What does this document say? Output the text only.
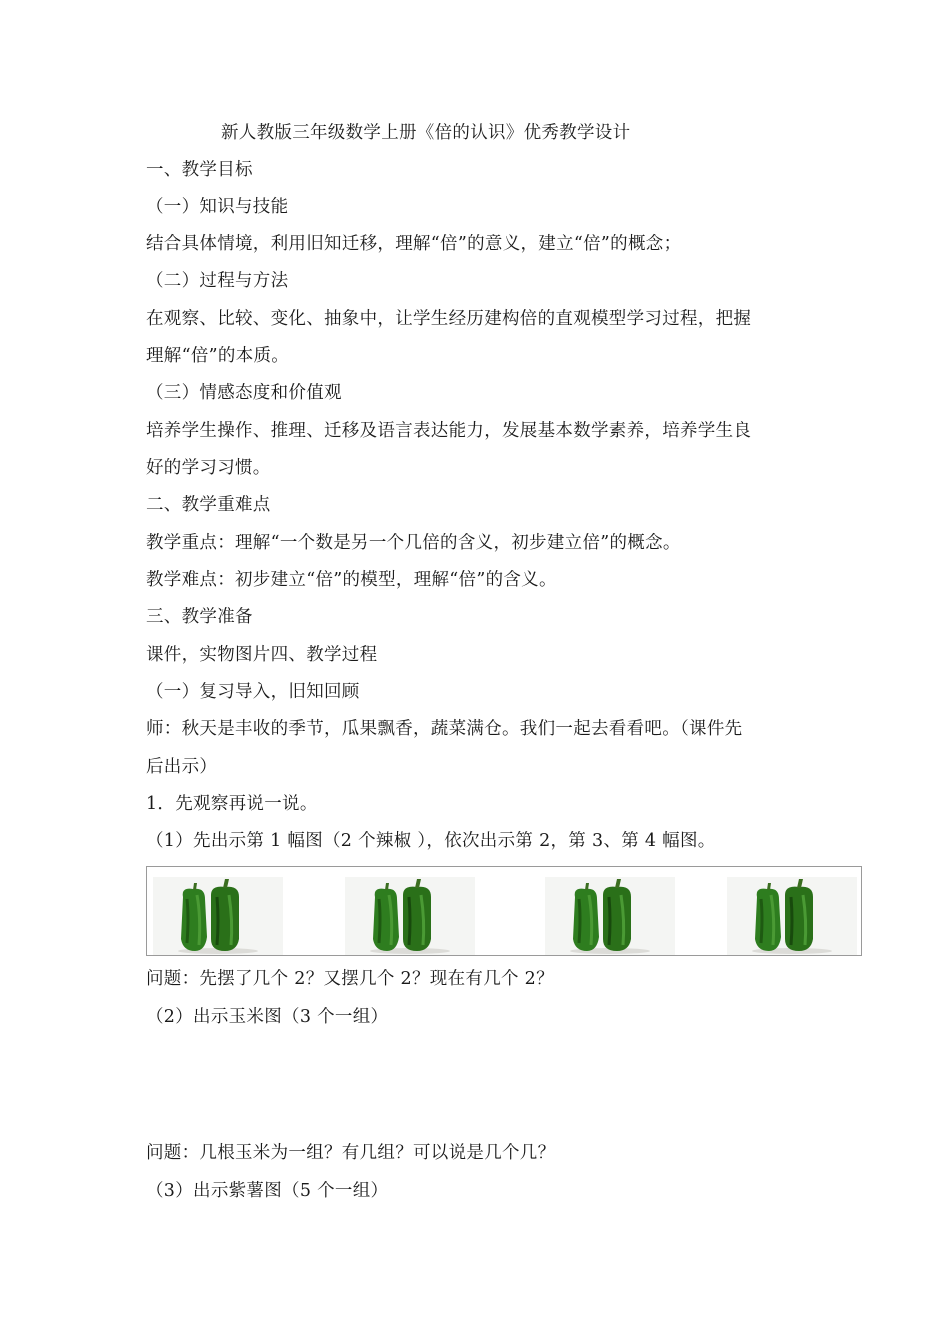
新人教版三年级数学上册《倍的认识》优秀教学设计
一、教学目标
（一）知识与技能
结合具体情境，利用旧知迁移，理解“倍”的意义，建立“倍”的概念；
（二）过程与方法
在观察、比较、变化、抽象中，让学生经历建构倍的直观模型学习过程，把握
理解“倍”的本质。
（三）情感态度和价值观
培养学生操作、推理、迁移及语言表达能力，发展基本数学素养，培养学生良
好的学习习惯。
二、教学重难点
教学重点：理解“一个数是另一个几倍的含义，初步建立倍”的概念。
教学难点：初步建立“倍”的模型，理解“倍”的含义。
三、教学准备
课件，实物图片四、教学过程
（一）复习导入，旧知回顾
师：秋天是丰收的季节，瓜果飘香，蔬菜满仓。我们一起去看看吧。（课件先
后出示）
1．先观察再说一说。
（1）先出示第 1 幅图（2 个辣椒 ），依次出示第 2，第 3、第 4 幅图。
问题：先摆了几个 2？又摆几个 2？现在有几个 2？
（2）出示玉米图（3 个一组）
问题：几根玉米为一组？有几组？可以说是几个几？
（3）出示紫薯图（5 个一组）
